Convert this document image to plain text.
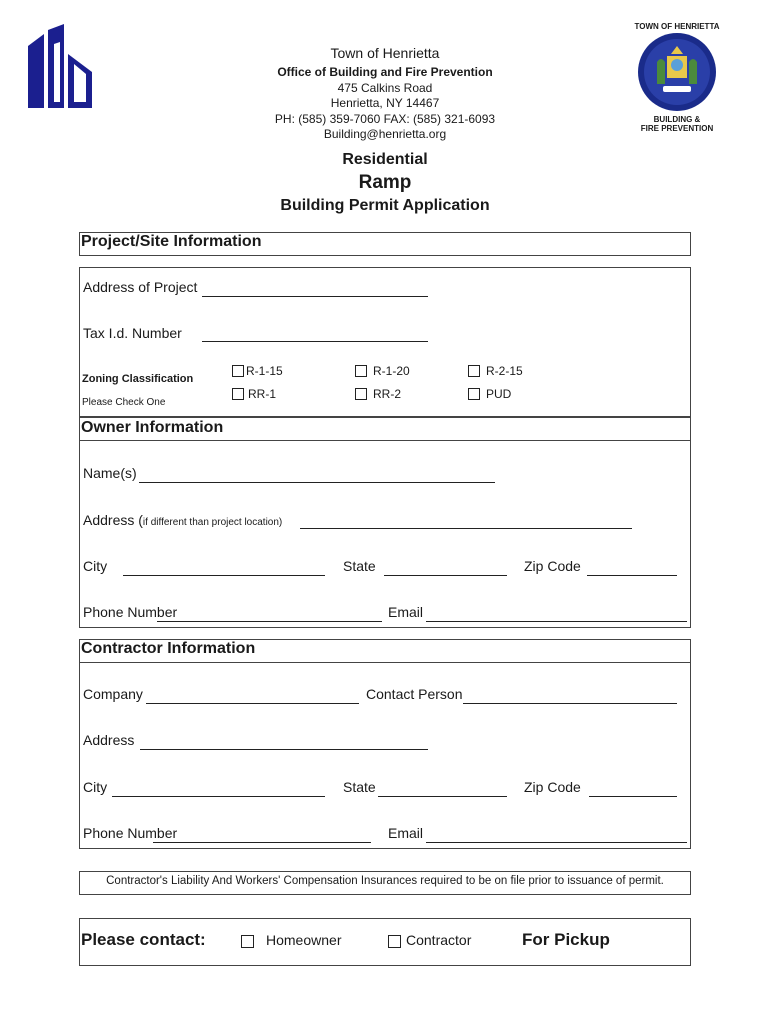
Town of Henrietta
Office of Building and Fire Prevention
475 Calkins Road
Henrietta, NY 14467
PH: (585) 359-7060 FAX: (585) 321-6093
Building@henrietta.org
TOWN OF HENRIETTA
BUILDING &
FIRE PREVENTION
Residential
Ramp
Building Permit Application
Project/Site Information
Address of Project
Tax I.d. Number
Zoning Classification
Please Check One
R-1-15	R-1-20	R-2-15
RR-1	RR-2	PUD
Owner Information
Name(s)
Address (if different than project location)
City	State	Zip Code
Phone Number	Email
Contractor Information
Company	Contact Person
Address
City	State	Zip Code
Phone Number	Email
Contractor's Liability And Workers' Compensation Insurances required to be on file prior to issuance of permit.
Please contact:	Homeowner	Contractor	For Pickup
